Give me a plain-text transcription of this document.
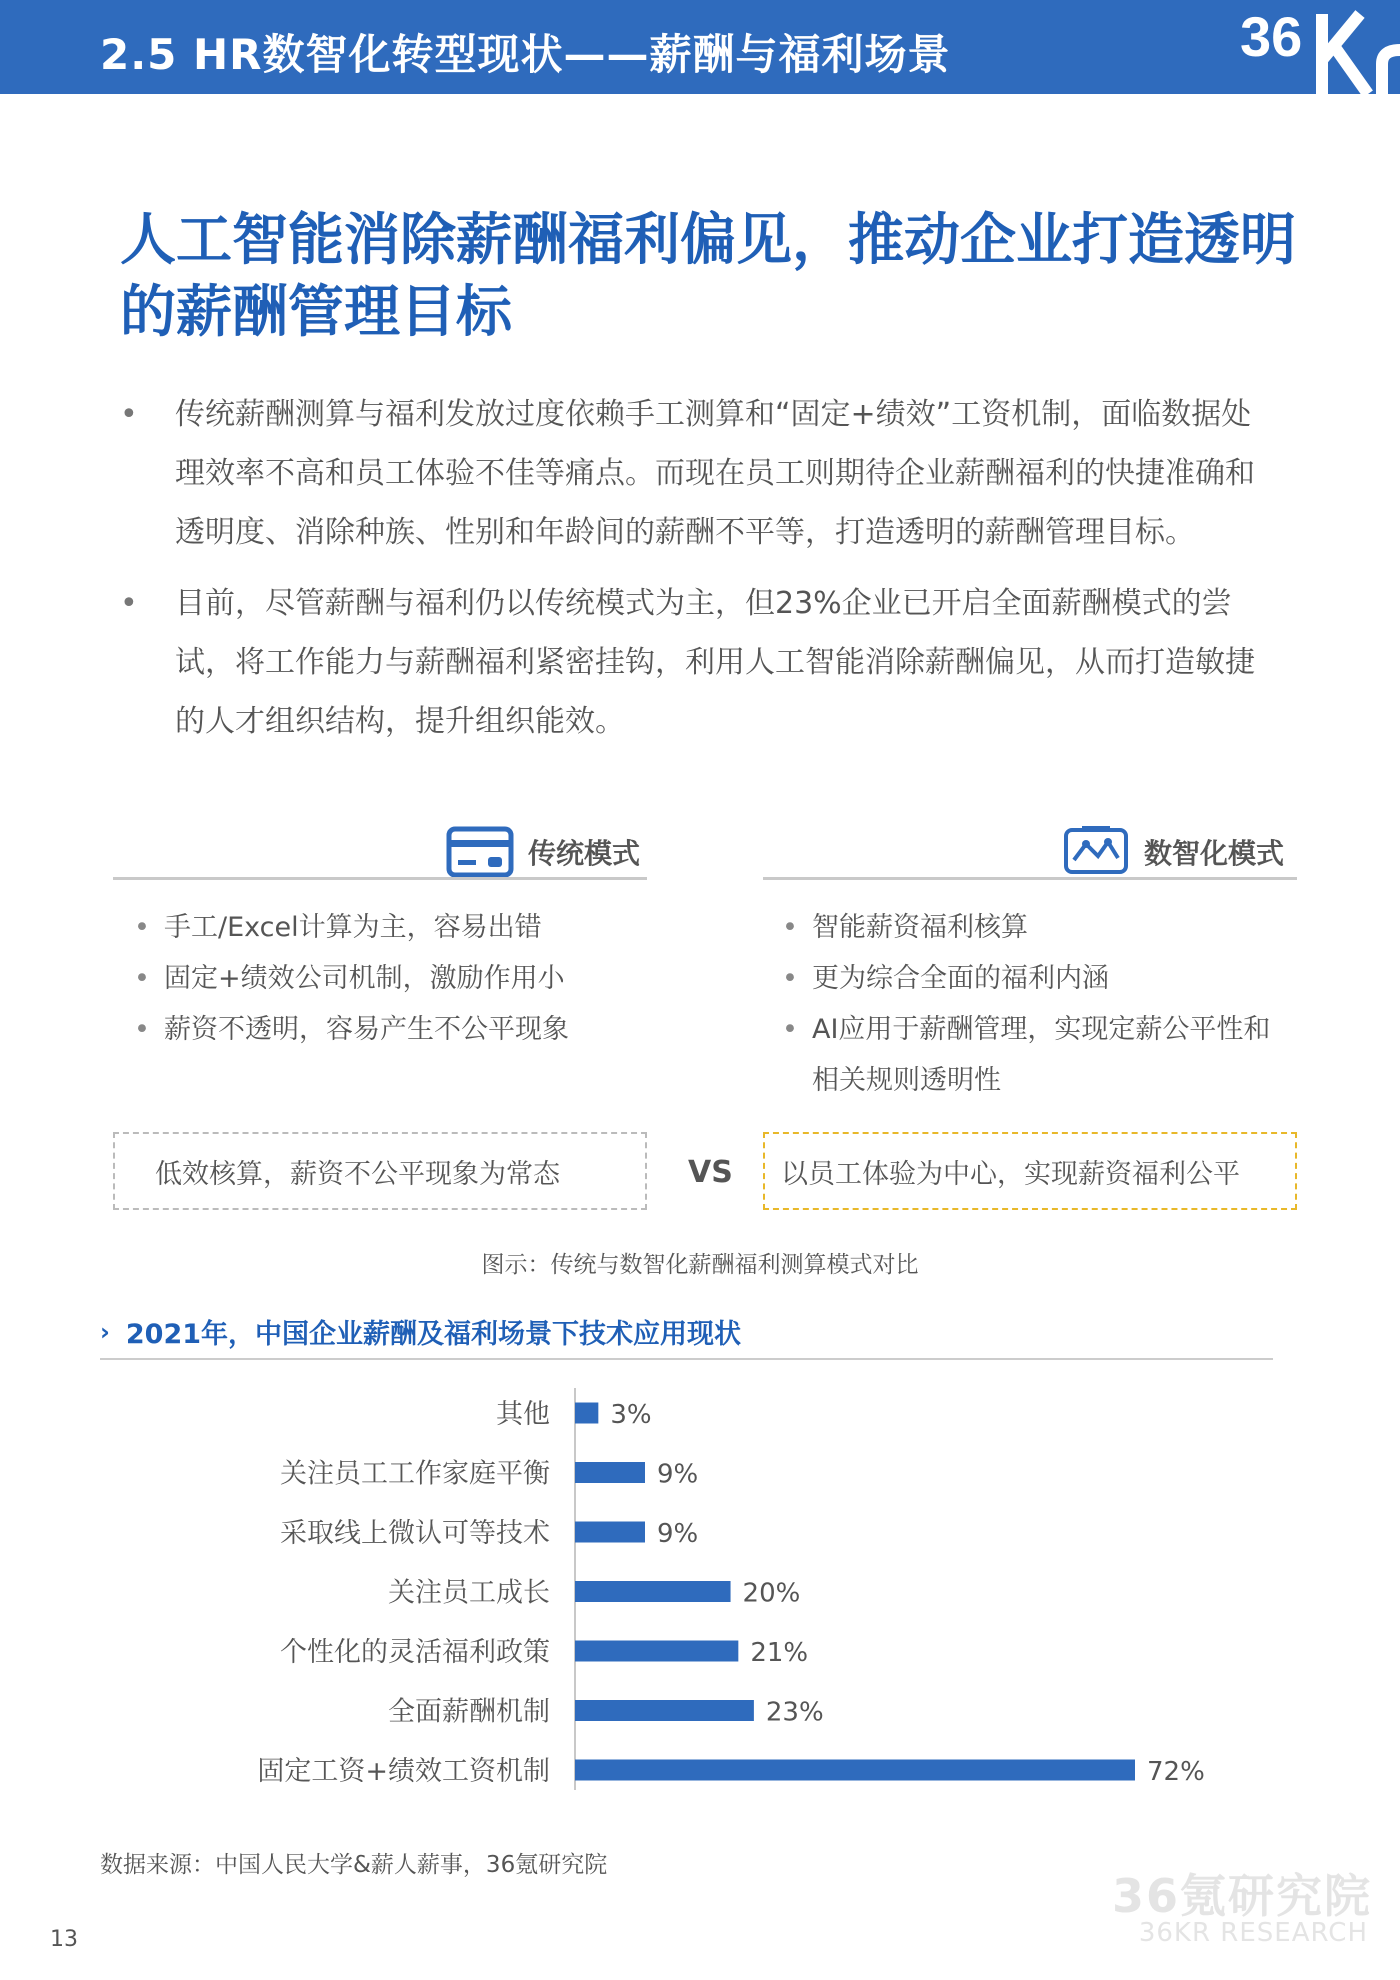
2.5 HR数智化转型现状——薪酬与福利场景	36
人工智能消除薪酬福利偏见，推动企业打造透明的薪酬管理目标
• 传统薪酬测算与福利发放过度依赖手工测算和“固定+绩效”工资机制，面临数据处理效率不高和员工体验不佳等痛点。而现在员工则期待企业薪酬福利的快捷准确和透明度、消除种族、性别和年龄间的薪酬不平等，打造透明的薪酬管理目标。
• 目前，尽管薪酬与福利仍以传统模式为主，但23%企业已开启全面薪酬模式的尝试，将工作能力与薪酬福利紧密挂钩，利用人工智能消除薪酬偏见，从而打造敏捷的人才组织结构，提升组织能效。
传统模式
• 手工/Excel计算为主，容易出错
• 固定+绩效公司机制，激励作用小
• 薪资不透明，容易产生不公平现象
数智化模式
• 智能薪资福利核算
• 更为综合全面的福利内涵
• AI应用于薪酬管理，实现定薪公平性和相关规则透明性
低效核算，薪资不公平现象为常态	VS 以员工体验为中心，实现薪资福利公平
图示：传统与数智化薪酬福利测算模式对比
› 2021年，中国企业薪酬及福利场景下技术应用现状
其他 3%
关注员工工作家庭平衡	9%
采取线上微认可等技术	9%
关注员工成长	20%
个性化的灵活福利政策	21%
全面薪酬机制	23%
固定工资+绩效工资机制	72%
数据来源：中国人民大学&薪人薪事，36氪研究院
13
36氪研究院
36KR RESEARCH
